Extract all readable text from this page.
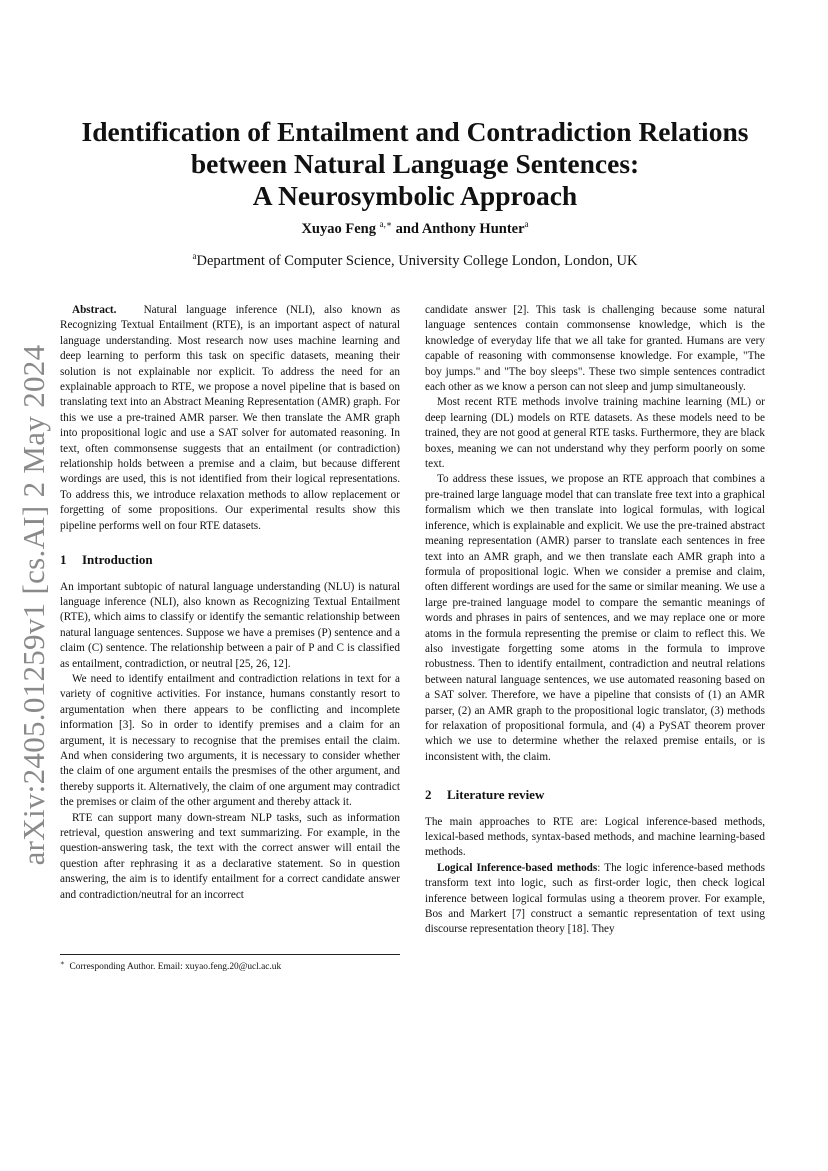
arXiv:2405.01259v1 [cs.AI] 2 May 2024
Identification of Entailment and Contradiction Relations
between Natural Language Sentences:
A Neurosymbolic Approach
Xuyao Feng $^{a,∗}$ and Anthony Hunter$^a$
$^a$Department of Computer Science, University College London, London, UK

Abstract. Natural language inference (NLI), also known as Recognizing Textual Entailment (RTE), is an important aspect of natural language understanding. Most research now uses machine learning and deep learning to perform this task on specific datasets, meaning their solution is not explainable nor explicit. To address the need for an explainable approach to RTE, we propose a novel pipeline that is based on translating text into an Abstract Meaning Representation (AMR) graph. For this we use a pre-trained AMR parser. We then translate the AMR graph into propositional logic and use a SAT solver for automated reasoning. In text, often commonsense suggests that an entailment (or contradiction) relationship holds between a premise and a claim, but because different wordings are used, this is not identified from their logical representations. To address this, we introduce relaxation methods to allow replacement or forgetting of some propositions. Our experimental results show this pipeline performs well on four RTE datasets.

1 Introduction

An important subtopic of natural language understanding (NLU) is natural language inference (NLI), also known as Recognizing Textual Entailment (RTE), which aims to classify or identify the semantic relationship between natural language sentences. Suppose we have a premises (P) sentence and a claim (C) sentence. The relationship between a pair of P and C is classified as entailment, contradiction, or neutral [25, 26, 12].

We need to identify entailment and contradiction relations in text for a variety of cognitive activities. For instance, humans constantly resort to argumentation when there appears to be conflicting and incomplete information [3]. So in order to identify premises and a claim for an argument, it is necessary to recognise that the premises entail the claim. And when considering two arguments, it is necessary to consider whether the claim of one argument entails the presmises of the other argument, and thereby supports it. Alternatively, the claim of one argument may contradict the premises or claim of the other argument and thereby attack it.

RTE can support many down-stream NLP tasks, such as information retrieval, question answering and text summarizing. For example, in the question-answering task, the text with the correct answer will entail the question after rephrasing it as a declarative statement. So in question answering, the aim is to identify entailment for a correct candidate answer and contradiction/neutral for an incorrect

∗ Corresponding Author. Email: xuyao.feng.20@ucl.ac.uk

candidate answer [2]. This task is challenging because some natural language sentences contain commonsense knowledge, which is the knowledge of everyday life that we all take for granted. Humans are very capable of reasoning with commonsense knowledge. For example, "The boy jumps." and "The boy sleeps". These two simple sentences contradict each other as we know a person can not sleep and jump simultaneously.

Most recent RTE methods involve training machine learning (ML) or deep learning (DL) models on RTE datasets. As these models need to be trained, they are not good at general RTE tasks. Furthermore, they are black boxes, meaning we can not understand why they perform poorly on some text.

To address these issues, we propose an RTE approach that combines a pre-trained large language model that can translate free text into a graphical formalism which we then translate into logical formulas, with logical inference, which is explainable and explicit. We use the pre-trained abstract meaning representation (AMR) parser to translate each sentences in free text into an AMR graph, and we then translate each AMR graph into a formula of propositional logic. When we consider a premise and claim, often different wordings are used for the same or similar meaning. We use a large pre-trained language model to compare the semantic meanings of words and phrases in pairs of sentences, and we may replace one or more atoms in the formula representing the premise or claim to reflect this. We also investigate forgetting some atoms in the formula to improve robustness. Then to identify entailment, contradiction and neutral relations between natural language sentences, we use automated reasoning based on a SAT solver. Therefore, we have a pipeline that consists of (1) an AMR parser, (2) an AMR graph to the propositional logic translator, (3) methods for relaxation of propositional formula, and (4) a PySAT theorem prover which we use to determine whether the relaxed premise entails, or is inconsistent with, the claim.

2 Literature review

The main approaches to RTE are: Logical inference-based methods, lexical-based methods, syntax-based methods, and machine learning-based methods.

Logical Inference-based methods: The logic inference-based methods transform text into logic, such as first-order logic, then check logical inference between logical formulas using a theorem prover. For example, Bos and Markert [7] construct a semantic representation of text using discourse representation theory [18]. They
